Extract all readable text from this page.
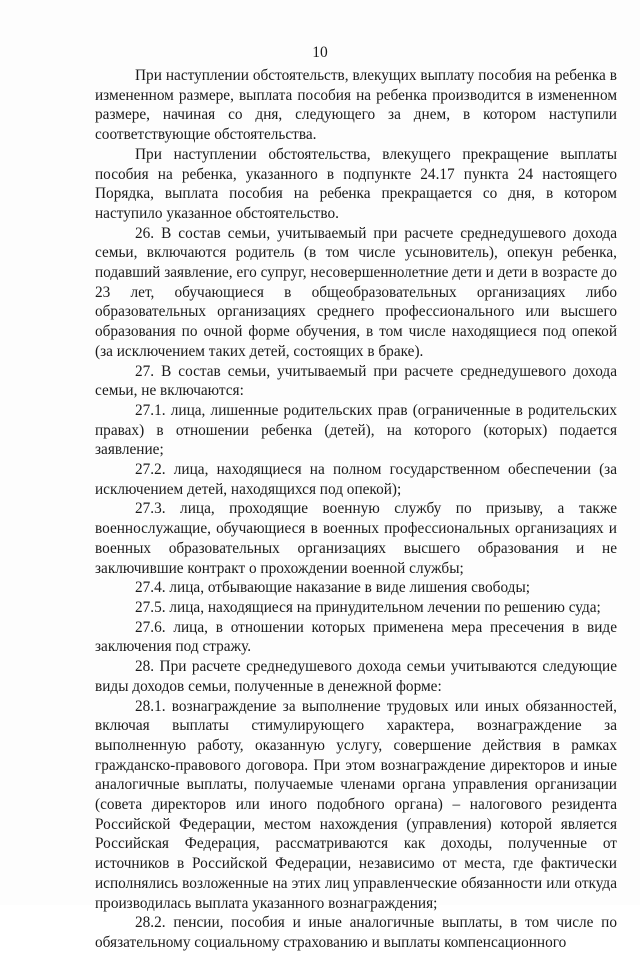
10

При наступлении обстоятельств, влекущих выплату пособия на ребенка в измененном размере, выплата пособия на ребенка производится в измененном размере, начиная со дня, следующего за днем, в котором наступили соответствующие обстоятельства.

При наступлении обстоятельства, влекущего прекращение выплаты пособия на ребенка, указанного в подпункте 24.17 пункта 24 настоящего Порядка, выплата пособия на ребенка прекращается со дня, в котором наступило указанное обстоятельство.

26. В состав семьи, учитываемый при расчете среднедушевого дохода семьи, включаются родитель (в том числе усыновитель), опекун ребенка, подавший заявление, его супруг, несовершеннолетние дети и дети в возрасте до 23 лет, обучающиеся в общеобразовательных организациях либо образовательных организациях среднего профессионального или высшего образования по очной форме обучения, в том числе находящиеся под опекой (за исключением таких детей, состоящих в браке).

27. В состав семьи, учитываемый при расчете среднедушевого дохода семьи, не включаются:

27.1. лица, лишенные родительских прав (ограниченные в родительских правах) в отношении ребенка (детей), на которого (которых) подается заявление;

27.2. лица, находящиеся на полном государственном обеспечении (за исключением детей, находящихся под опекой);

27.3. лица, проходящие военную службу по призыву, а также военнослужащие, обучающиеся в военных профессиональных организациях и военных образовательных организациях высшего образования и не заключившие контракт о прохождении военной службы;

27.4. лица, отбывающие наказание в виде лишения свободы;

27.5. лица, находящиеся на принудительном лечении по решению суда;

27.6. лица, в отношении которых применена мера пресечения в виде заключения под стражу.

28. При расчете среднедушевого дохода семьи учитываются следующие виды доходов семьи, полученные в денежной форме:

28.1. вознаграждение за выполнение трудовых или иных обязанностей, включая выплаты стимулирующего характера, вознаграждение за выполненную работу, оказанную услугу, совершение действия в рамках гражданско-правового договора. При этом вознаграждение директоров и иные аналогичные выплаты, получаемые членами органа управления организации (совета директоров или иного подобного органа) – налогового резидента Российской Федерации, местом нахождения (управления) которой является Российская Федерация, рассматриваются как доходы, полученные от источников в Российской Федерации, независимо от места, где фактически исполнялись возложенные на этих лиц управленческие обязанности или откуда производилась выплата указанного вознаграждения;

28.2. пенсии, пособия и иные аналогичные выплаты, в том числе по обязательному социальному страхованию и выплаты компенсационного
